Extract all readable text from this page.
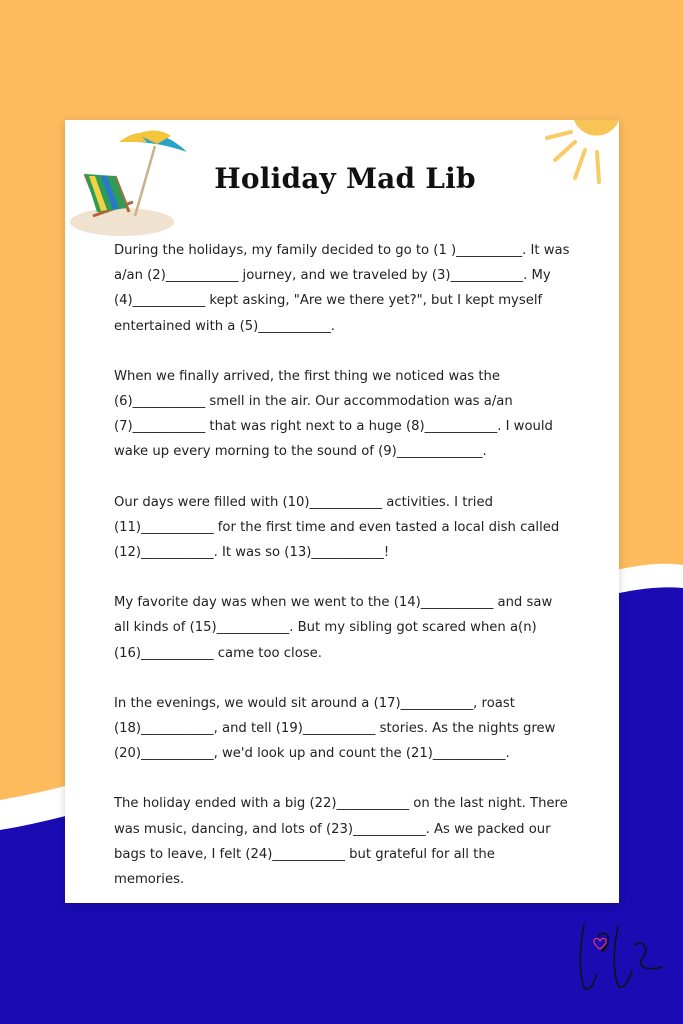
Holiday Mad Lib

During the holidays, my family decided to go to (1 )__________. It was
a/an (2)___________ journey, and we traveled by (3)___________. My
(4)___________ kept asking, "Are we there yet?", but I kept myself
entertained with a (5)___________.

When we finally arrived, the first thing we noticed was the
(6)___________ smell in the air. Our accommodation was a/an
(7)___________ that was right next to a huge (8)___________. I would
wake up every morning to the sound of (9)_____________.

Our days were filled with (10)___________ activities. I tried
(11)___________ for the first time and even tasted a local dish called
(12)___________. It was so (13)___________!

My favorite day was when we went to the (14)___________ and saw
all kinds of (15)___________. But my sibling got scared when a(n)
(16)___________ came too close.

In the evenings, we would sit around a (17)___________, roast
(18)___________, and tell (19)___________ stories. As the nights grew
(20)___________, we'd look up and count the (21)___________.

The holiday ended with a big (22)___________ on the last night. There
was music, dancing, and lots of (23)___________. As we packed our
bags to leave, I felt (24)___________ but grateful for all the
memories.
